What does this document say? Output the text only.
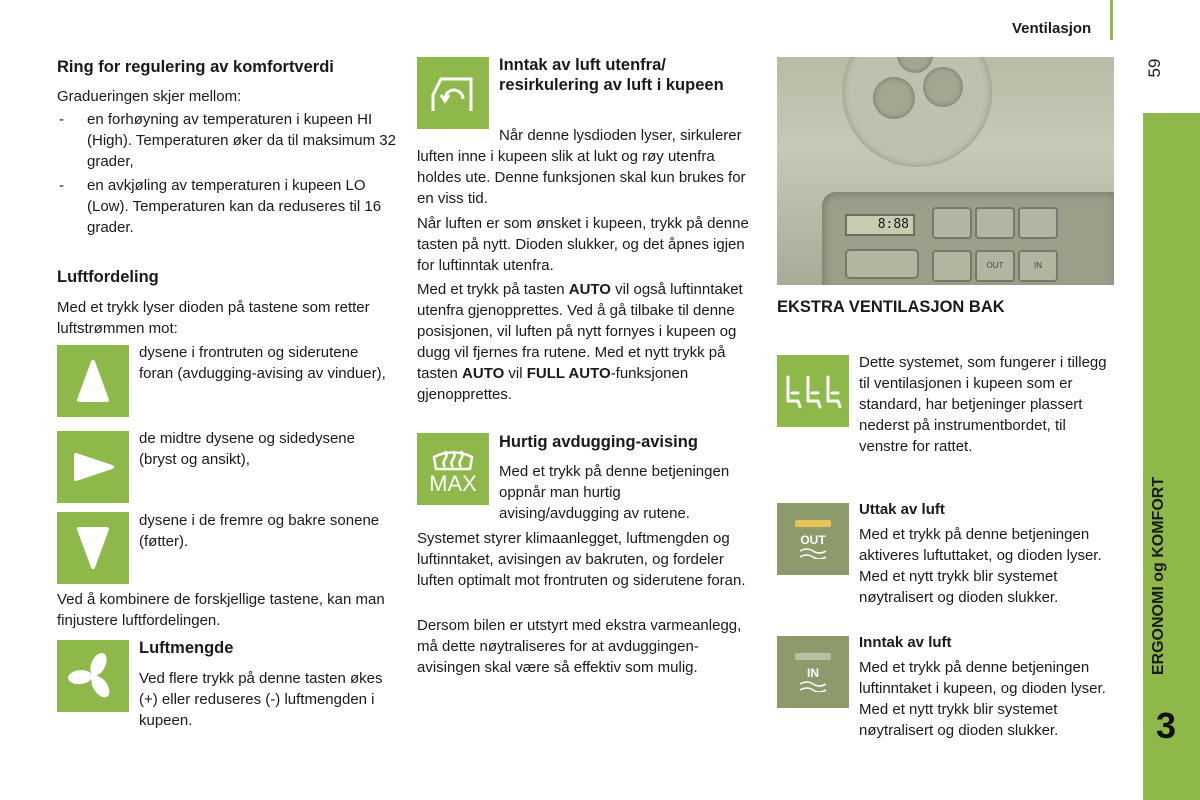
Ventilasjon
59
ERGONOMI og KOMFORT
3
Ring for regulering av komfortverdi

Gradueringen skjer mellom:

- en forhøyning av temperaturen i kupeen HI (High). Temperaturen øker da til maksimum 32 grader,
- en avkjøling av temperaturen i kupeen LO (Low). Temperaturen kan da reduseres til 16 grader.
Luftfordeling

Med et trykk lyser dioden på tastene som retter luftstrømmen mot:

dysene i frontruten og siderutene foran (avdugging-avising av vinduer),

de midtre dysene og sidedysene (bryst og ansikt),

dysene i de fremre og bakre sonene (føtter).

Ved å kombinere de forskjellige tastene, kan man finjustere luftfordelingen.

Luftmengde

Ved flere trykk på denne tasten økes (+) eller reduseres (-) luftmengden i kupeen.

Inntak av luft utenfra/ resirkulering av luft i kupeen

Når denne lysdioden lyser, sirkulerer luften inne i kupeen slik at lukt og røy utenfra holdes ute. Denne funksjonen skal kun brukes for en viss tid.

Når luften er som ønsket i kupeen, trykk på denne tasten på nytt. Dioden slukker, og det åpnes igjen for luftinntak utenfra.

Med et trykk på tasten AUTO vil også luftinntaket utenfra gjenopprettes. Ved å gå tilbake til denne posisjonen, vil luften på nytt fornyes i kupeen og dugg vil fjernes fra rutene. Med et nytt trykk på tasten AUTO vil FULL AUTO-funksjonen gjenopprettes.

MAX
Hurtig avdugging-avising

Med et trykk på denne betjeningen oppnår man hurtig avising/avdugging av rutene.

Systemet styrer klimaanlegget, luftmengden og luftinntaket, avisingen av bakruten, og fordeler luften optimalt mot frontruten og siderutene foran.

Dersom bilen er utstyrt med ekstra varmeanlegg, må dette nøytraliseres for at avduggingen-avisingen skal være så effektiv som mulig.

8:88
OUT	IN
EKSTRA VENTILASJON BAK

Dette systemet, som fungerer i tillegg til ventilasjonen i kupeen som er standard, har betjeninger plassert nederst på instrumentbordet, til venstre for rattet.

OUT
Uttak av luft

Med et trykk på denne betjeningen aktiveres luftuttaket, og dioden lyser. Med et nytt trykk blir systemet nøytralisert og dioden slukker.

IN
Inntak av luft

Med et trykk på denne betjeningen luftinntaket i kupeen, og dioden lyser. Med et nytt trykk blir systemet nøytralisert og dioden slukker.
